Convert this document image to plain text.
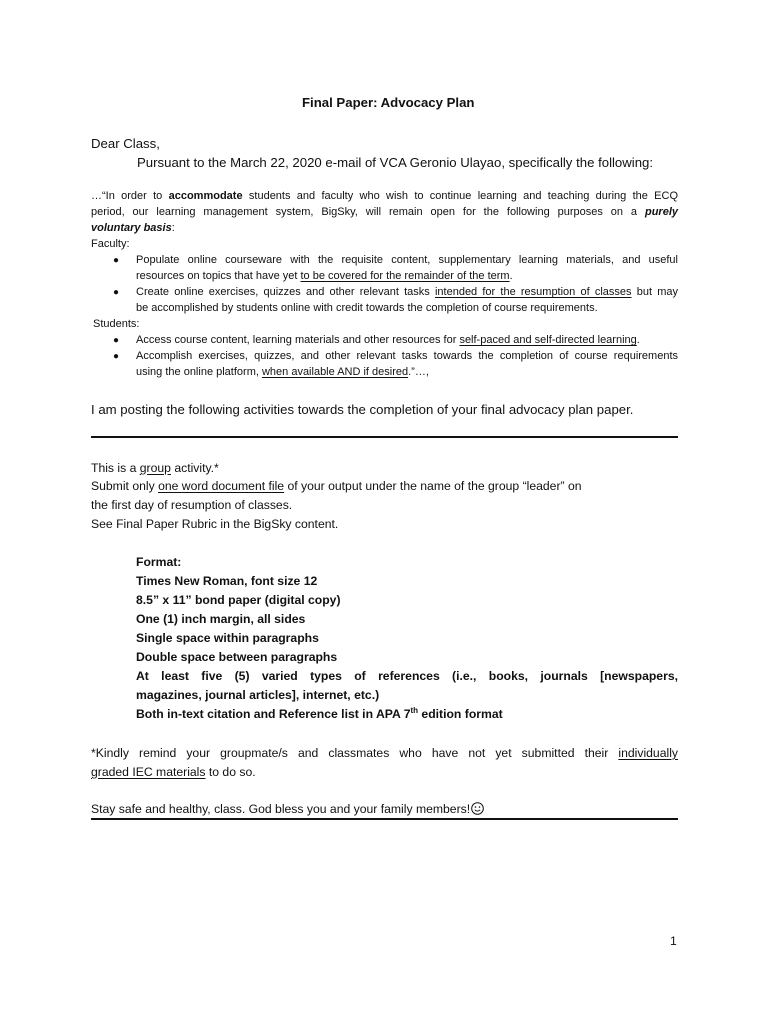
Final Paper: Advocacy Plan
Dear Class,
Pursuant to the March 22, 2020 e-mail of VCA Geronio Ulayao, specifically the following:
…“In order to accommodate students and faculty who wish to continue learning and teaching during the ECQ
period, our learning management system, BigSky, will remain open for the following purposes on a purely
voluntary basis:
Faculty:
● Populate online courseware with the requisite content, supplementary learning materials, and useful
resources on topics that have yet to be covered for the remainder of the term.
● Create online exercises, quizzes and other relevant tasks intended for the resumption of classes but may
be accomplished by students online with credit towards the completion of course requirements.
Students:
● Access course content, learning materials and other resources for self-paced and self-directed learning.
● Accomplish exercises, quizzes, and other relevant tasks towards the completion of course requirements
using the online platform, when available AND if desired.”…,
I am posting the following activities towards the completion of your final advocacy plan paper.
This is a group activity.*
Submit only one word document file of your output under the name of the group “leader” on
the first day of resumption of classes.
See Final Paper Rubric in the BigSky content.
Format:
Times New Roman, font size 12
8.5” x 11” bond paper (digital copy)
One (1) inch margin, all sides
Single space within paragraphs
Double space between paragraphs
At least five (5) varied types of references (i.e., books, journals [newspapers,
magazines, journal articles], internet, etc.)
Both in-text citation and Reference list in APA 7th edition format
*Kindly remind your groupmate/s and classmates who have not yet submitted their individually
graded IEC materials to do so.
Stay safe and healthy, class. God bless you and your family members!
1
